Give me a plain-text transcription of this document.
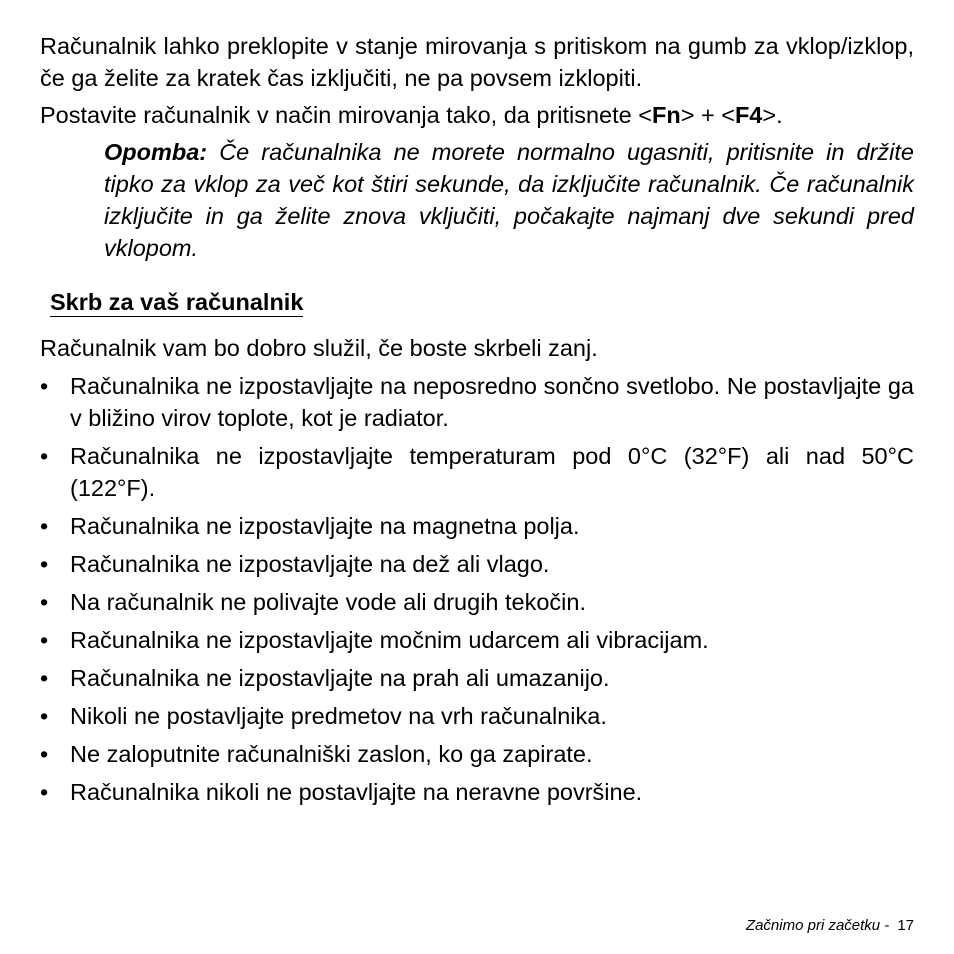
Računalnik lahko preklopite v stanje mirovanja s pritiskom na gumb za vklop/izklop, če ga želite za kratek čas izključiti, ne pa povsem izklopiti.

Postavite računalnik v način mirovanja tako, da pritisnete <Fn> + <F4>.

Opomba: Če računalnika ne morete normalno ugasniti, pritisnite in držite tipko za vklop za več kot štiri sekunde, da izključite računalnik. Če računalnik izključite in ga želite znova vključiti, počakajte najmanj dve sekundi pred vklopom.

Skrb za vaš računalnik

Računalnik vam bo dobro služil, če boste skrbeli zanj.

• Računalnika ne izpostavljajte na neposredno sončno svetlobo. Ne postavljajte ga v bližino virov toplote, kot je radiator.
• Računalnika ne izpostavljajte temperaturam pod 0°C (32°F) ali nad 50°C (122°F).
• Računalnika ne izpostavljajte na magnetna polja.
• Računalnika ne izpostavljajte na dež ali vlago.
• Na računalnik ne polivajte vode ali drugih tekočin.
• Računalnika ne izpostavljajte močnim udarcem ali vibracijam.
• Računalnika ne izpostavljajte na prah ali umazanijo.
• Nikoli ne postavljajte predmetov na vrh računalnika.
• Ne zaloputnite računalniški zaslon, ko ga zapirate.
• Računalnika nikoli ne postavljajte na neravne površine.
Začnimo pri začetku - 17
